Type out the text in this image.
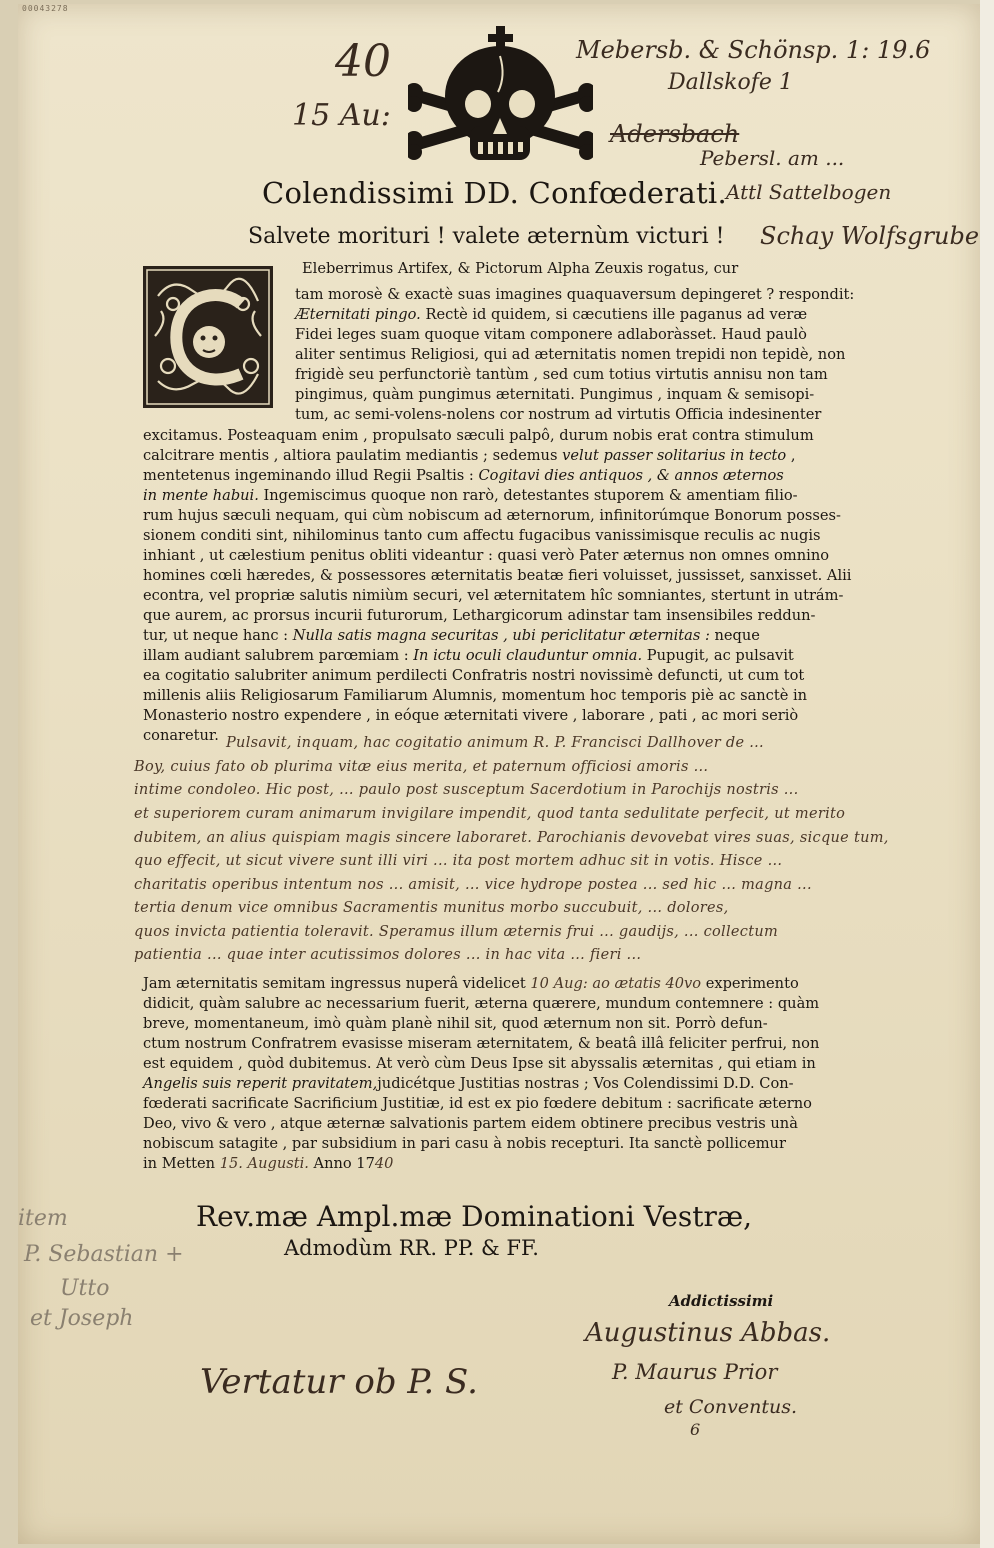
00043278
40
15 Au:
Mebersb. & Schönsp. 1: 19.6
Dallskofe 1
Adersbach
Pebersl. am ...
Attl Sattelbogen
Schay Wolfsgrube
Colendissimi DD. Confœderati.
Salvete morituri ! valete æternùm victuri !
Eleberrimus Artifex, & Pictorum Alpha Zeuxis rogatus, cur
tam morosè & exactè suas imagines quaquaversum depingeret ? respondit:
Æternitati pingo. Rectè id quidem, si cæcutiens ille paganus ad veræ
Fidei leges suam quoque vitam componere adlaboràsset. Haud paulò
aliter sentimus Religiosi, qui ad æternitatis nomen trepidi non tepidè, non
frigidè seu perfunctoriè tantùm , sed cum totius virtutis annisu non tam
pingimus, quàm pungimus æternitati. Pungimus , inquam & semisopi-
tum, ac semi-volens-nolens cor nostrum ad virtutis Officia indesinenter
excitamus. Posteaquam enim , propulsato sæculi palpô, durum nobis erat contra stimulum
calcitrare mentis , altiora paulatim mediantis ; sedemus velut passer solitarius in tecto ,
mentetenus ingeminando illud Regii Psaltis : Cogitavi dies antiquos , & annos æternos
in mente habui. Ingemiscimus quoque non rarò, detestantes stuporem & amentiam filio-
rum hujus sæculi nequam, qui cùm nobiscum ad æternorum, infinitorúmque Bonorum posses-
sionem conditi sint, nihilominus tanto cum affectu fugacibus vanissimisque reculis ac nugis
inhiant , ut cælestium penitus obliti videantur : quasi verò Pater æternus non omnes omnino
homines cœli hæredes, & possessores æternitatis beatæ fieri voluisset, jussisset, sanxisset. Alii
econtra, vel propriæ salutis nimiùm securi, vel æternitatem hîc somniantes, stertunt in utrám-
que aurem, ac prorsus incurii futurorum, Lethargicorum adinstar tam insensibiles reddun-
tur, ut neque hanc : Nulla satis magna securitas , ubi periclitatur æternitas : neque
illam audiant salubrem parœmiam : In ictu oculi clauduntur omnia. Pupugit, ac pulsavit
ea cogitatio salubriter animum perdilecti Confratris nostri novissimè defuncti, ut cum tot
millenis aliis Religiosarum Familiarum Alumnis, momentum hoc temporis piè ac sanctè in
Monasterio nostro expendere , in eóque æternitati vivere , laborare , pati , ac mori seriò
conaretur. Pulsavit, inquam, hac cogitatio animum R. P. Francisci Dallhover de ...
Boy, cuius fato ob plurima vitæ eius merita, et paternum officiosi amoris ...
intime condoleo. Hic post, ... paulo post susceptum Sacerdotium in Parochijs nostris ...
et superiorem curam animarum invigilare impendit, quod tanta sedulitate perfecit, ut merito
dubitem, an alius quispiam magis sincere laboraret. Parochianis devovebat vires suas, sicque tum,
quo effecit, ut sicut vivere sunt illi viri ... ita post mortem adhuc sit in votis. Hisce ...
charitatis operibus intentum nos ... amisit, ... vice hydrope postea ... sed hic ... magna ...
tertia denum vice omnibus Sacramentis munitus morbo succubuit, ... dolores,
quos invicta patientia toleravit. Speramus illum æternis frui ... gaudijs, ... collectum
patientia ... quae inter acutissimos dolores ... in hac vita ... fieri ...
Jam æternitatis semitam ingressus nuperâ videlicet 10 Aug: ao ætatis 40vo experimento
didicit, quàm salubre ac necessarium fuerit, æterna quærere, mundum contemnere : quàm
breve, momentaneum, imò quàm planè nihil sit, quod æternum non sit. Porrò defun-
ctum nostrum Confratrem evasisse miseram æternitatem, & beatâ illâ feliciter perfrui, non
est equidem , quòd dubitemus. At verò cùm Deus Ipse sit abyssalis æternitas , qui etiam in
Angelis suis reperit pravitatem,judicétque Justitias nostras ; Vos Colendissimi D.D. Con-
fœderati sacrificate Sacrificium Justitiæ, id est ex pio fœdere debitum : sacrificate æterno
Deo, vivo & vero , atque æternæ salvationis partem eidem obtinere precibus vestris unà
nobiscum satagite , par subsidium in pari casu à nobis recepturi. Ita sanctè pollicemur
in Metten 15. Augusti. Anno 1740
Rev.mæ Ampl.mæ Dominationi Vestræ,
Admodùm RR. PP. & FF.
Addictissimi
Augustinus Abbas.
P. Maurus Prior
et Conventus.
6
item
P. Sebastian +
Utto
et Joseph
Vertatur ob P. S.
